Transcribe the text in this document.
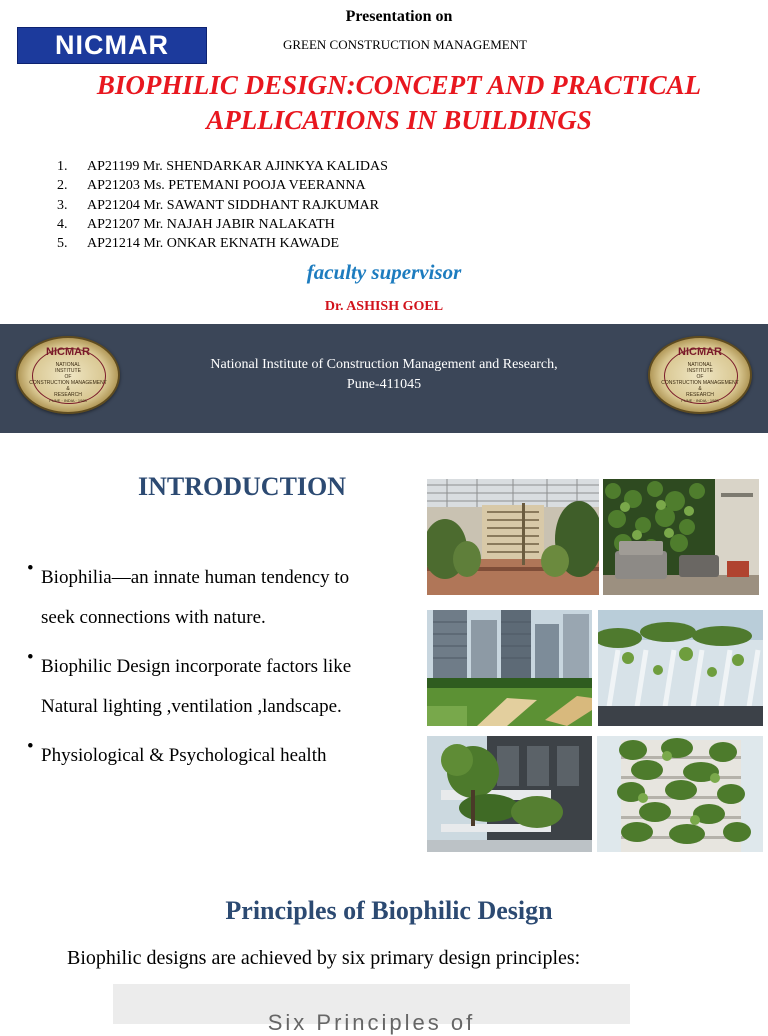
Presentation on
NICMAR	GREEN CONSTRUCTION MANAGEMENT
BIOPHILIC DESIGN:CONCEPT AND PRACTICAL
APLLICATIONS IN BUILDINGS
1.	AP21199 Mr. SHENDARKAR AJINKYA KALIDAS
2.	AP21203 Ms. PETEMANI POOJA VEERANNA
3.	AP21204 Mr. SAWANT SIDDHANT RAJKUMAR
4.	AP21207 Mr. NAJAH JABIR NALAKATH
5.	AP21214 Mr. ONKAR EKNATH KAWADE
faculty supervisor
Dr. ASHISH GOEL
NICMAR
NATIONAL
INSTITUTE
OF
CONSTRUCTION MANAGEMENT
&
RESEARCH
PUNE · INDIA · 1983
NICMAR
NATIONAL
INSTITUTE
OF
CONSTRUCTION MANAGEMENT
&
RESEARCH
PUNE · INDIA · 1983
National Institute of Construction Management and Research,
Pune-411045
INTRODUCTION
• Biophilia—an innate human tendency to
seek connections with nature.
• Biophilic Design incorporate factors like
Natural lighting ,ventilation ,landscape.
• Physiological & Psychological health
Principles of Biophilic Design
Biophilic designs are achieved by six primary design principles:
Six Principles of
